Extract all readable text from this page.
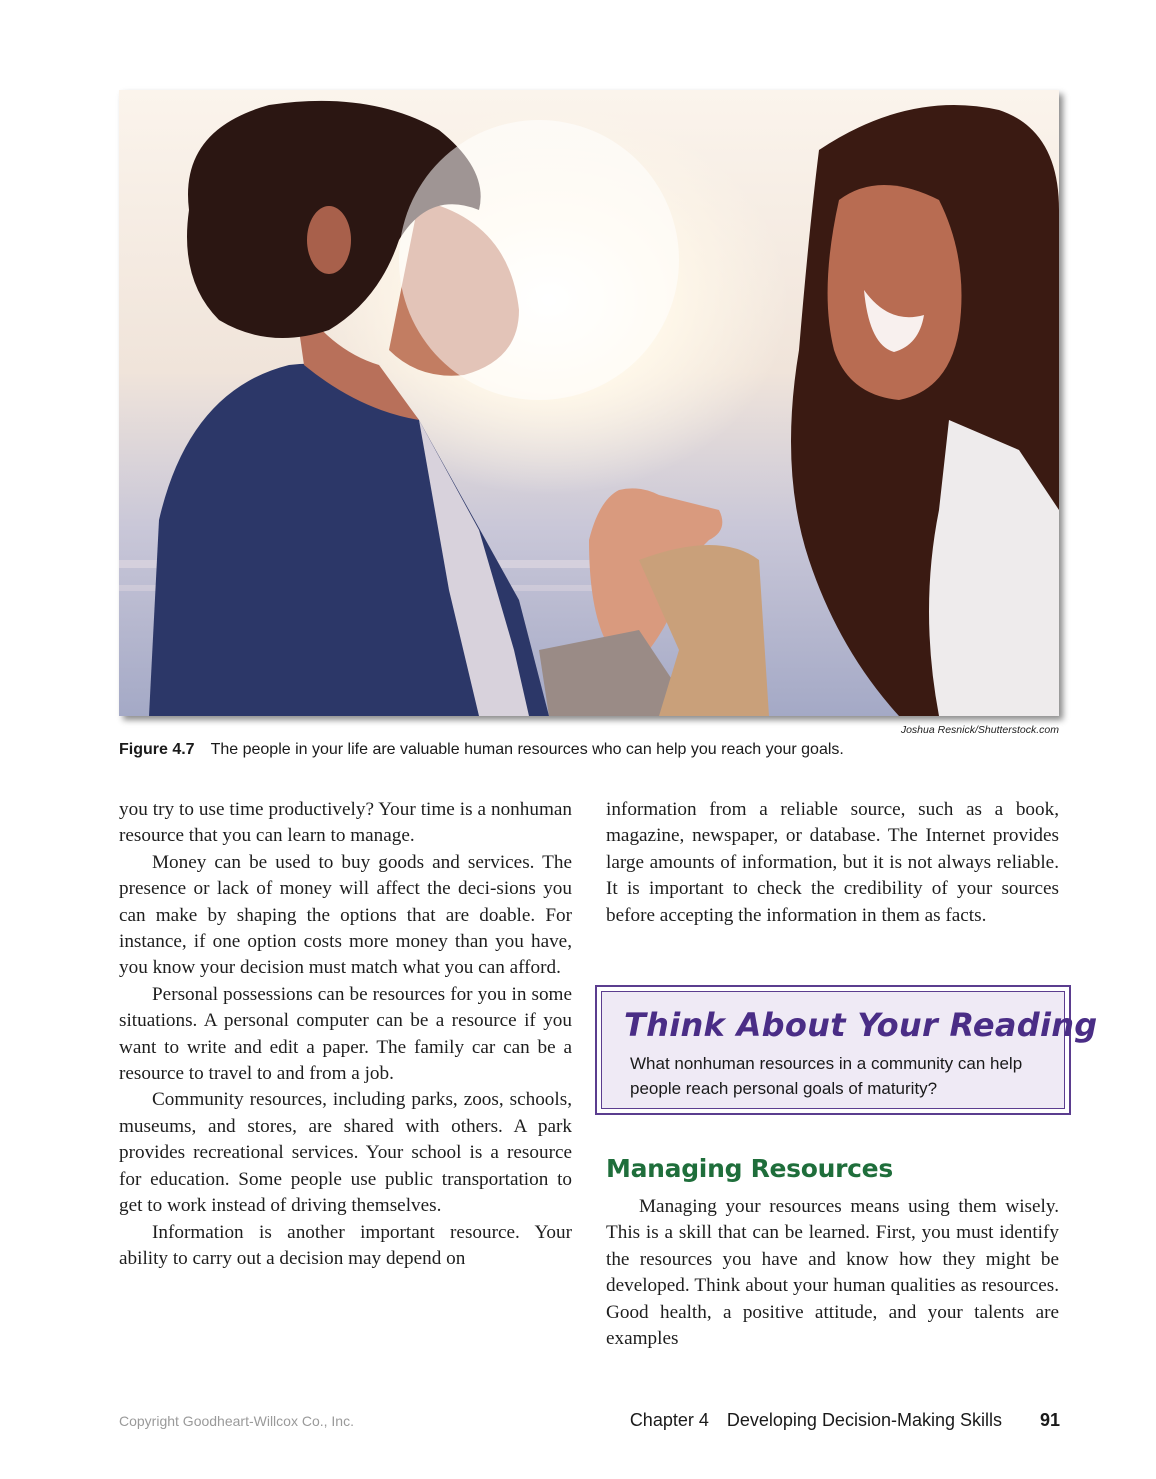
Joshua Resnick/Shutterstock.com
Figure 4.7 The people in your life are valuable human resources who can help you reach your goals.

you try to use time productively? Your time is a nonhuman resource that you can learn to manage.

Money can be used to buy goods and services. The presence or lack of money will affect the deci-sions you can make by shaping the options that are doable. For instance, if one option costs more money than you have, you know your decision must match what you can afford.

Personal possessions can be resources for you in some situations. A personal computer can be a resource if you want to write and edit a paper. The family car can be a resource to travel to and from a job.

Community resources, including parks, zoos, schools, museums, and stores, are shared with others. A park provides recreational services. Your school is a resource for education. Some people use public transportation to get to work instead of driving themselves.

Information is another important resource. Your ability to carry out a decision may depend on

information from a reliable source, such as a book, magazine, newspaper, or database. The Internet provides large amounts of information, but it is not always reliable. It is important to check the credibility of your sources before accepting the information in them as facts.

Think About Your Reading
What nonhuman resources in a community can help people reach personal goals of maturity?
Managing Resources

Managing your resources means using them wisely. This is a skill that can be learned. First, you must identify the resources you have and know how they might be developed. Think about your human qualities as resources. Good health, a positive attitude, and your talents are examples

Copyright Goodheart-Willcox Co., Inc.	Chapter 4 Developing Decision-Making Skills 91
